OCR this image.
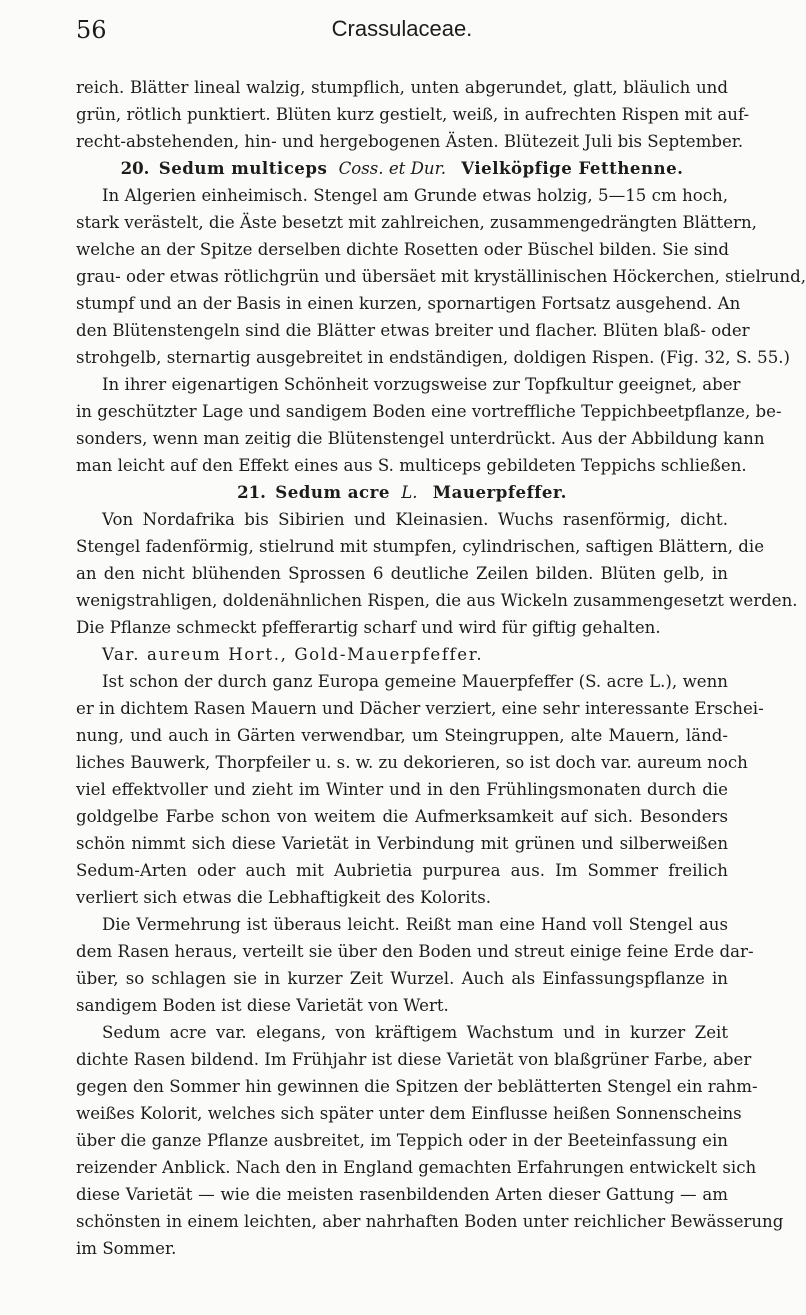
56	Crassulaceae.
reich. Blätter lineal walzig, stumpflich, unten abgerundet, glatt, bläulich und
grün, rötlich punktiert. Blüten kurz gestielt, weiß, in aufrechten Rispen mit auf-
recht-abstehenden, hin- und hergebogenen Ästen. Blütezeit Juli bis September.
20. Sedum multiceps Coss. et Dur. Vielköpfige Fetthenne.
In Algerien einheimisch. Stengel am Grunde etwas holzig, 5—15 cm hoch,
stark verästelt, die Äste besetzt mit zahlreichen, zusammengedrängten Blättern,
welche an der Spitze derselben dichte Rosetten oder Büschel bilden. Sie sind
grau- oder etwas rötlichgrün und übersäet mit kryställinischen Höckerchen, stielrund,
stumpf und an der Basis in einen kurzen, spornartigen Fortsatz ausgehend. An
den Blütenstengeln sind die Blätter etwas breiter und flacher. Blüten blaß- oder
strohgelb, sternartig ausgebreitet in endständigen, doldigen Rispen. (Fig. 32, S. 55.)
In ihrer eigenartigen Schönheit vorzugsweise zur Topfkultur geeignet, aber
in geschützter Lage und sandigem Boden eine vortreffliche Teppichbeetpflanze, be-
sonders, wenn man zeitig die Blütenstengel unterdrückt. Aus der Abbildung kann
man leicht auf den Effekt eines aus S. multiceps gebildeten Teppichs schließen.
21. Sedum acre L. Mauerpfeffer.
Von Nordafrika bis Sibirien und Kleinasien. Wuchs rasenförmig, dicht.
Stengel fadenförmig, stielrund mit stumpfen, cylindrischen, saftigen Blättern, die
an den nicht blühenden Sprossen 6 deutliche Zeilen bilden. Blüten gelb, in
wenigstrahligen, doldenähnlichen Rispen, die aus Wickeln zusammengesetzt werden.
Die Pflanze schmeckt pfefferartig scharf und wird für giftig gehalten.
Var. aureum Hort., Gold-Mauerpfeffer.
Ist schon der durch ganz Europa gemeine Mauerpfeffer (S. acre L.), wenn
er in dichtem Rasen Mauern und Dächer verziert, eine sehr interessante Erschei-
nung, und auch in Gärten verwendbar, um Steingruppen, alte Mauern, länd-
liches Bauwerk, Thorpfeiler u. s. w. zu dekorieren, so ist doch var. aureum noch
viel effektvoller und zieht im Winter und in den Frühlingsmonaten durch die
goldgelbe Farbe schon von weitem die Aufmerksamkeit auf sich. Besonders
schön nimmt sich diese Varietät in Verbindung mit grünen und silberweißen
Sedum-Arten oder auch mit Aubrietia purpurea aus. Im Sommer freilich
verliert sich etwas die Lebhaftigkeit des Kolorits.
Die Vermehrung ist überaus leicht. Reißt man eine Hand voll Stengel aus
dem Rasen heraus, verteilt sie über den Boden und streut einige feine Erde dar-
über, so schlagen sie in kurzer Zeit Wurzel. Auch als Einfassungspflanze in
sandigem Boden ist diese Varietät von Wert.
Sedum acre var. elegans, von kräftigem Wachstum und in kurzer Zeit
dichte Rasen bildend. Im Frühjahr ist diese Varietät von blaßgrüner Farbe, aber
gegen den Sommer hin gewinnen die Spitzen der beblätterten Stengel ein rahm-
weißes Kolorit, welches sich später unter dem Einflusse heißen Sonnenscheins
über die ganze Pflanze ausbreitet, im Teppich oder in der Beeteinfassung ein
reizender Anblick. Nach den in England gemachten Erfahrungen entwickelt sich
diese Varietät — wie die meisten rasenbildenden Arten dieser Gattung — am
schönsten in einem leichten, aber nahrhaften Boden unter reichlicher Bewässerung
im Sommer.
